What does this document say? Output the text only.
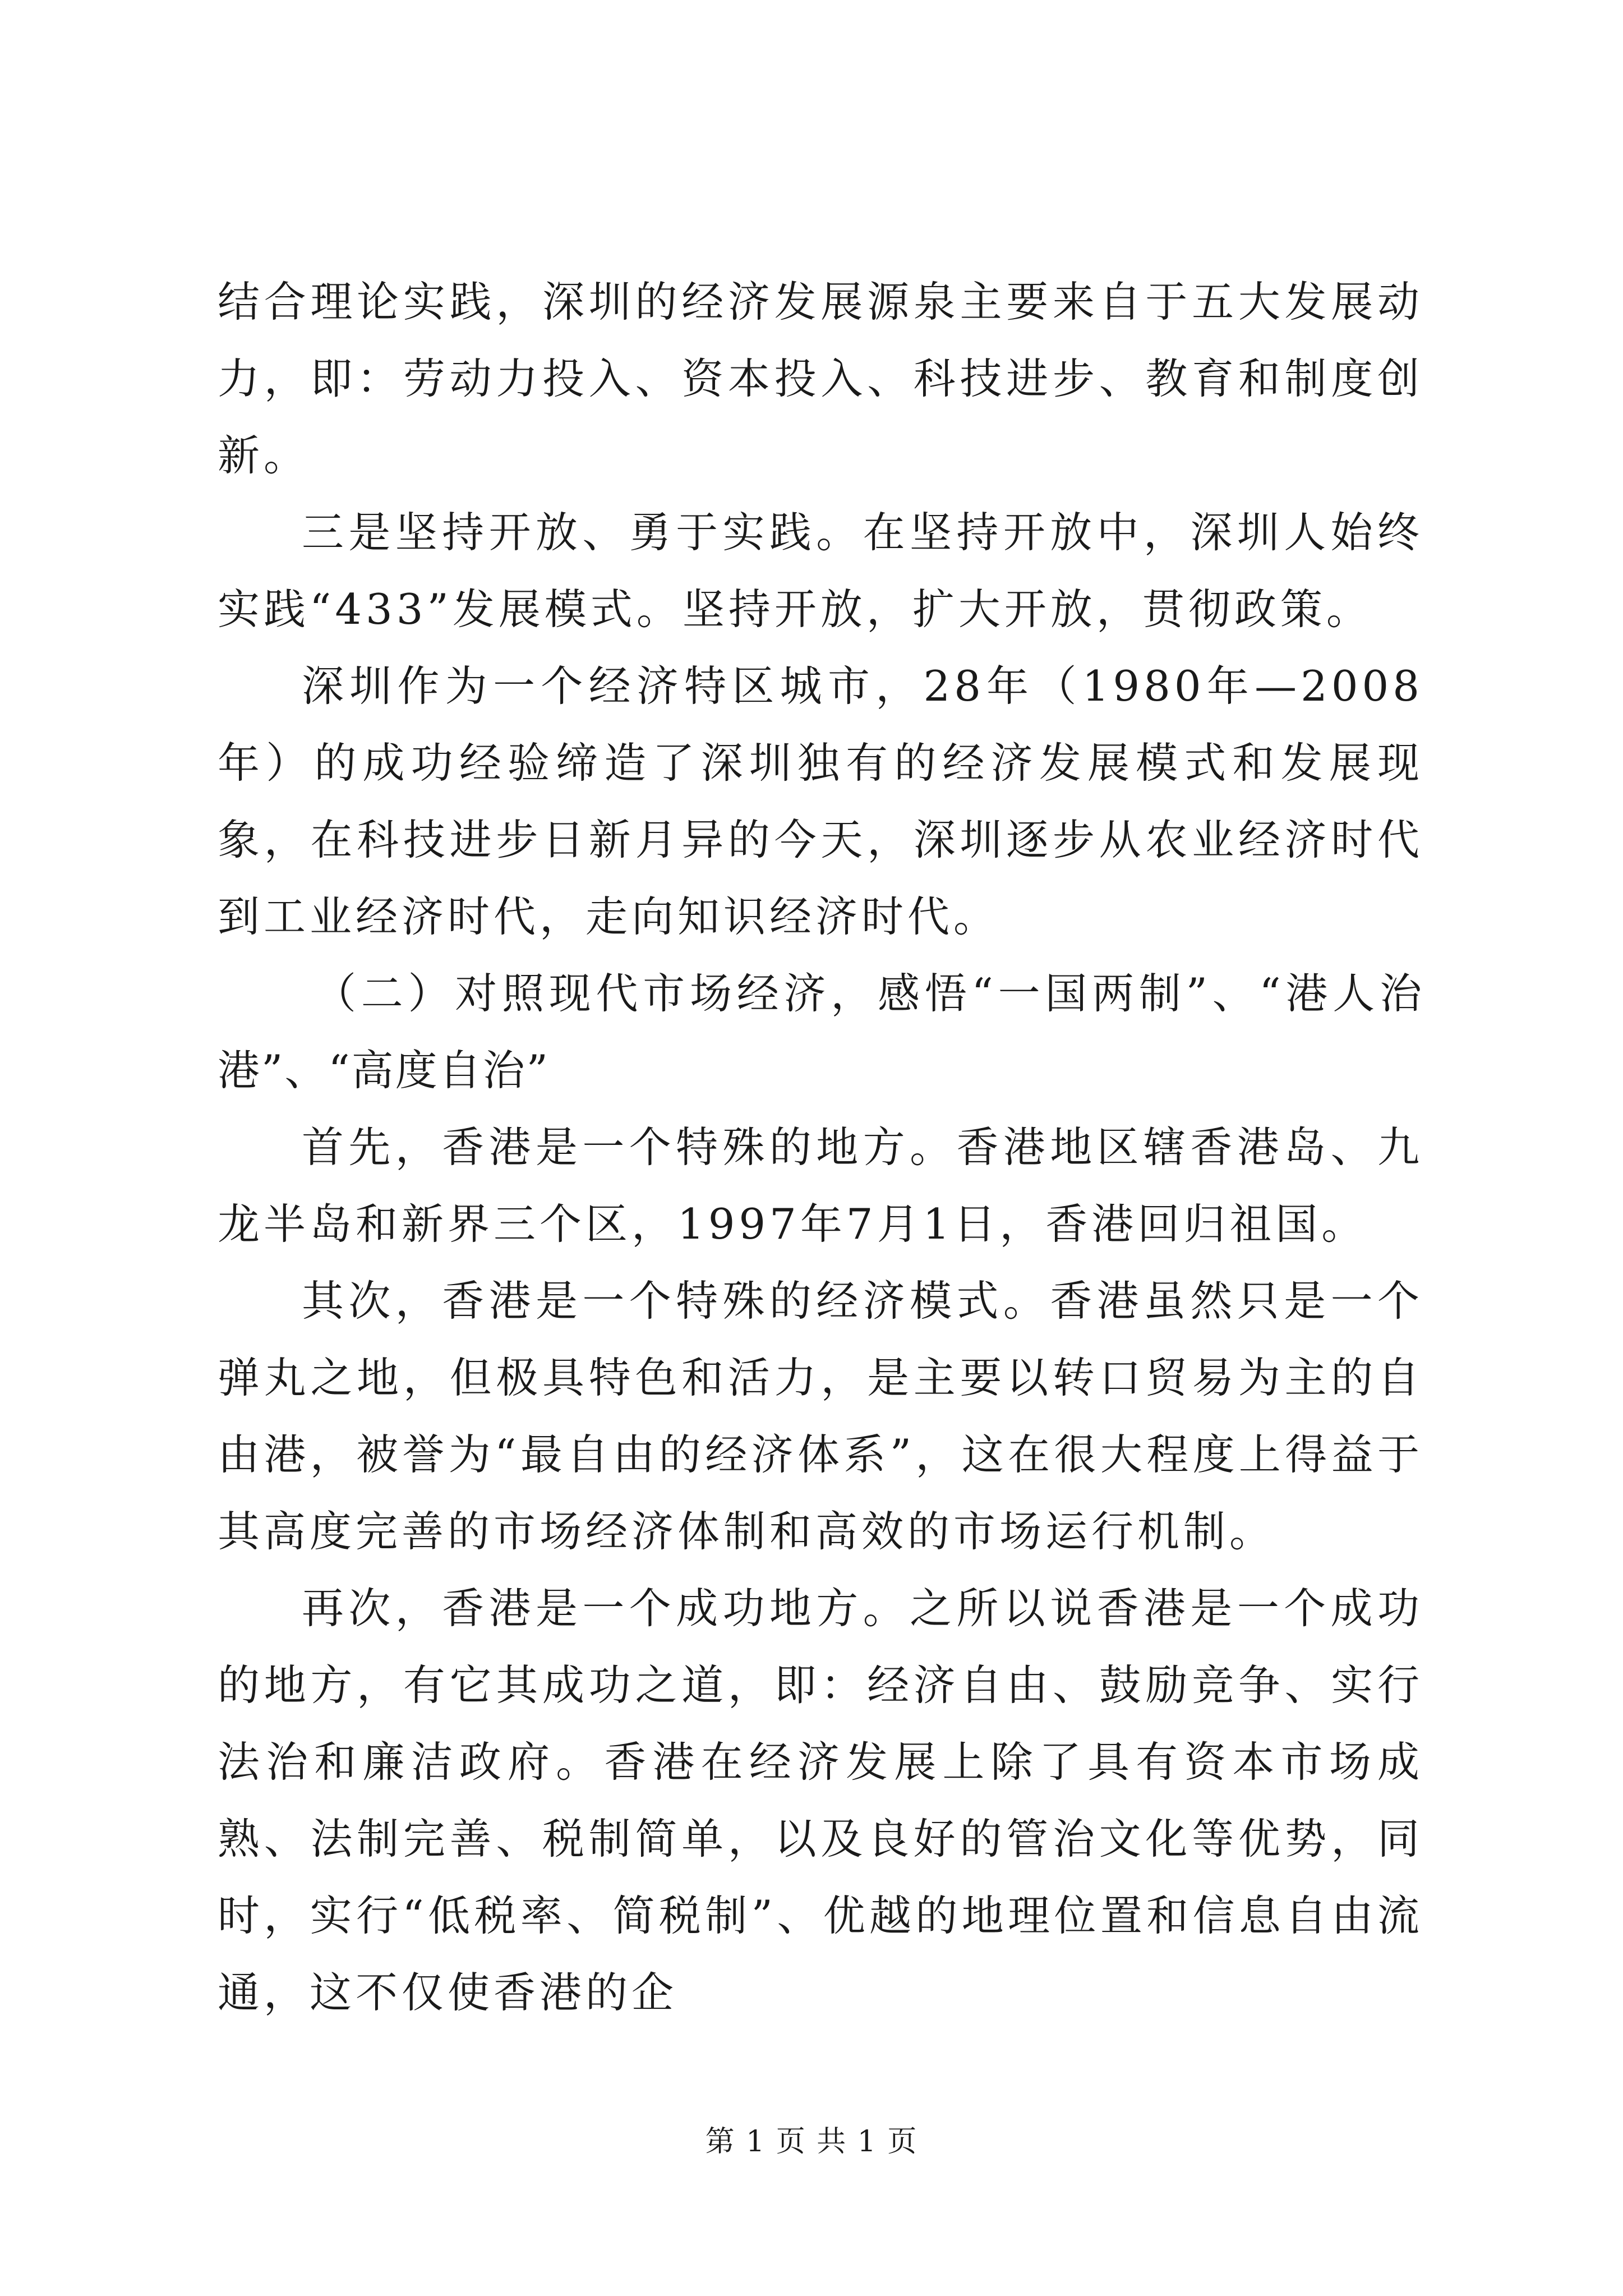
结合理论实践，深圳的经济发展源泉主要来自于五大发展动力，即：劳动力投入、资本投入、科技进步、教育和制度创新。

三是坚持开放、勇于实践。在坚持开放中，深圳人始终实践“433”发展模式。坚持开放，扩大开放，贯彻政策。

深圳作为一个经济特区城市，28年（1980年—2008年）的成功经验缔造了深圳独有的经济发展模式和发展现象，在科技进步日新月异的今天，深圳逐步从农业经济时代到工业经济时代，走向知识经济时代。

（二）对照现代市场经济，感悟“一国两制”、“港人治港”、“高度自治”

首先，香港是一个特殊的地方。香港地区辖香港岛、九龙半岛和新界三个区，1997年7月1日，香港回归祖国。

其次，香港是一个特殊的经济模式。香港虽然只是一个弹丸之地，但极具特色和活力，是主要以转口贸易为主的自由港，被誉为“最自由的经济体系”，这在很大程度上得益于其高度完善的市场经济体制和高效的市场运行机制。

再次，香港是一个成功地方。之所以说香港是一个成功的地方，有它其成功之道，即：经济自由、鼓励竞争、实行法治和廉洁政府。香港在经济发展上除了具有资本市场成熟、法制完善、税制简单，以及良好的管治文化等优势，同时，实行“低税率、简税制”、优越的地理位置和信息自由流通，这不仅使香港的企

第 1 页 共 1 页
